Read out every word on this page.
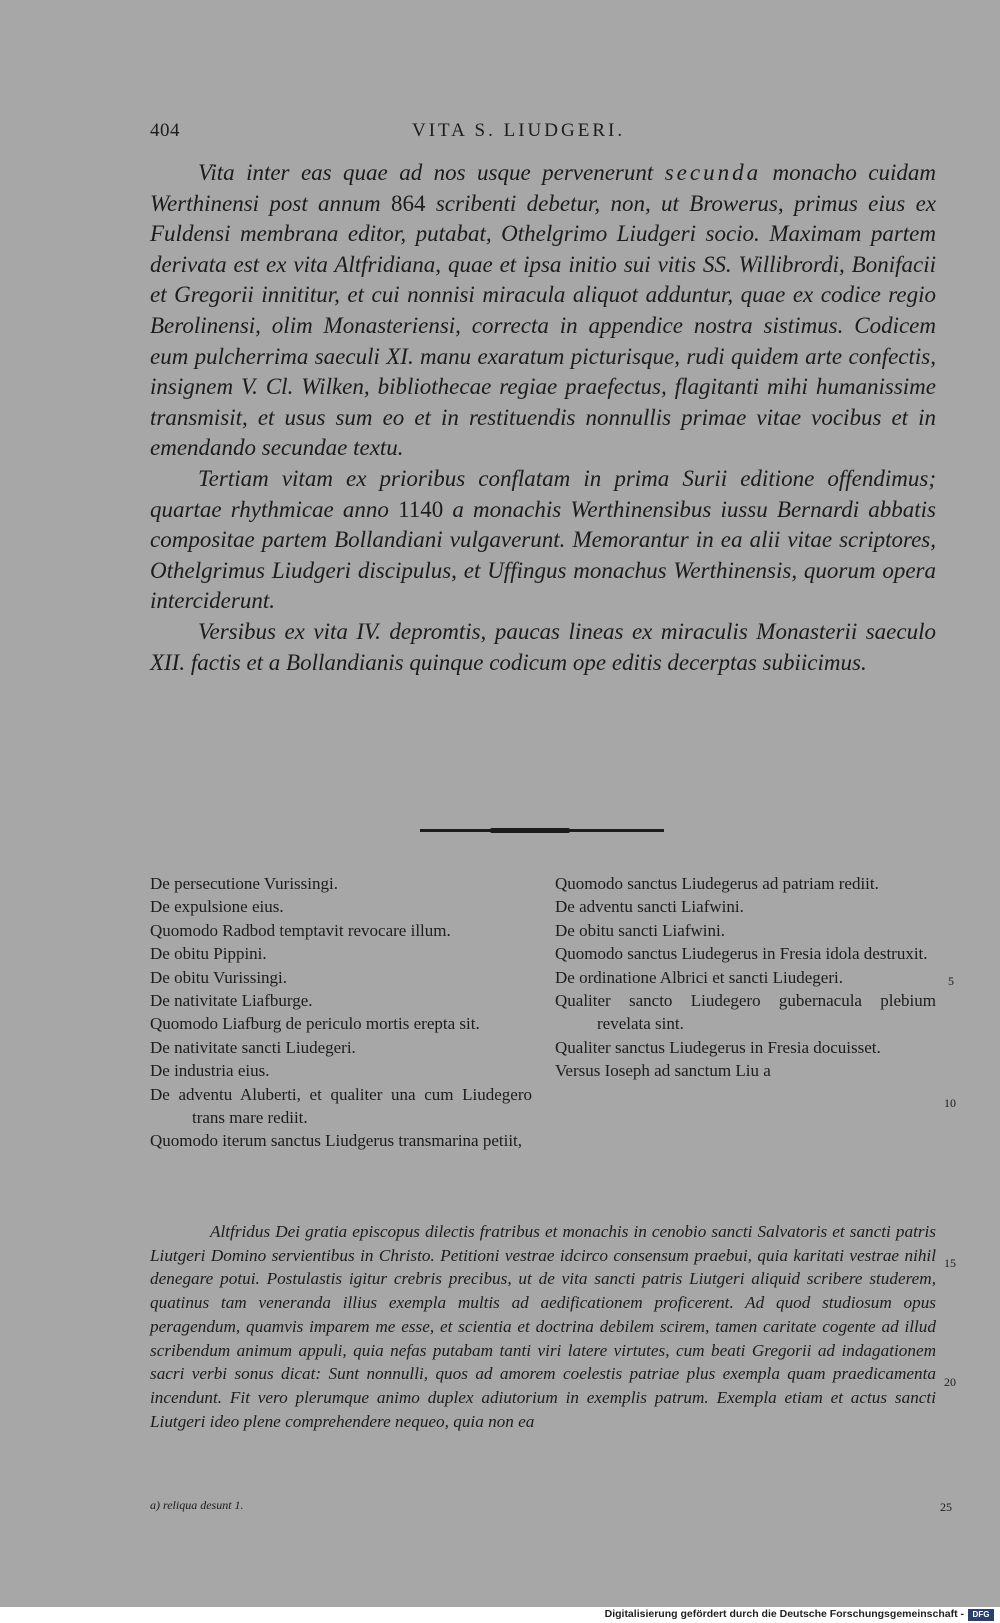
404	VITA S. LIUDGERI.

Vita inter eas quae ad nos usque pervenerunt secunda monacho cuidam Werthinensi post annum 864 scribenti debetur, non, ut Browerus, primus eius ex Fuldensi membrana editor, putabat, Othelgrimo Liudgeri socio. Maximam partem derivata est ex vita Altfridiana, quae et ipsa initio sui vitis SS. Willibrordi, Bonifacii et Gregorii innititur, et cui nonnisi miracula aliquot adduntur, quae ex codice regio Berolinensi, olim Monasteriensi, correcta in appendice nostra sistimus. Codicem eum pulcherrima saeculi XI. manu exaratum picturisque, rudi quidem arte confectis, insignem V. Cl. Wilken, bibliothecae regiae praefectus, flagitanti mihi humanissime transmisit, et usus sum eo et in restituendis nonnullis primae vitae vocibus et in emendando secundae textu.

Tertiam vitam ex prioribus conflatam in prima Surii editione offendimus; quartae rhythmicae anno 1140 a monachis Werthinensibus iussu Bernardi abbatis compositae partem Bollandiani vulgaverunt. Memorantur in ea alii vitae scriptores, Othelgrimus Liudgeri discipulus, et Uffingus monachus Werthinensis, quorum opera interciderunt.

Versibus ex vita IV. depromtis, paucas lineas ex miraculis Monasterii saeculo XII. factis et a Bollandianis quinque codicum ope editis decerptas subiicimus.

De persecutione Vurissingi.
De expulsione eius.
Quomodo Radbod temptavit revocare illum.
De obitu Pippini.
De obitu Vurissingi.
De nativitate Liafburge.
Quomodo Liafburg de periculo mortis erepta sit.
De nativitate sancti Liudegeri.
De industria eius.
De adventu Aluberti, et qualiter una cum Liudegero trans mare rediit.
Quomodo iterum sanctus Liudgerus transmarina petiit,
Quomodo sanctus Liudegerus ad patriam rediit.
De adventu sancti Liafwini.
De obitu sancti Liafwini.
Quomodo sanctus Liudegerus in Fresia idola destruxit.
De ordinatione Albrici et sancti Liudegeri.
Qualiter sancto Liudegero gubernacula plebium revelata sint.
Qualiter sanctus Liudegerus in Fresia docuisset.
Versus Ioseph ad sanctum Liu a
5
10
15
20
25

Altfridus Dei gratia episcopus dilectis fratribus et monachis in cenobio sancti Salvatoris et sancti patris Liutgeri Domino servientibus in Christo. Petitioni vestrae idcirco consensum praebui, quia karitati vestrae nihil denegare potui. Postulastis igitur crebris precibus, ut de vita sancti patris Liutgeri aliquid scribere studerem, quatinus tam veneranda illius exempla multis ad aedificationem proficerent. Ad quod studiosum opus peragendum, quamvis imparem me esse, et scientia et doctrina debilem scirem, tamen caritate cogente ad illud scribendum animum appuli, quia nefas putabam tanti viri latere virtutes, cum beati Gregorii ad indagationem sacri verbi sonus dicat: Sunt nonnulli, quos ad amorem coelestis patriae plus exempla quam praedicamenta incendunt. Fit vero plerumque animo duplex adiutorium in exemplis patrum. Exempla etiam et actus sancti Liutgeri ideo plene comprehendere nequeo, quia non ea

a) reliqua desunt 1.
Digitalisierung gefördert durch die Deutsche Forschungsgemeinschaft -	DFG
